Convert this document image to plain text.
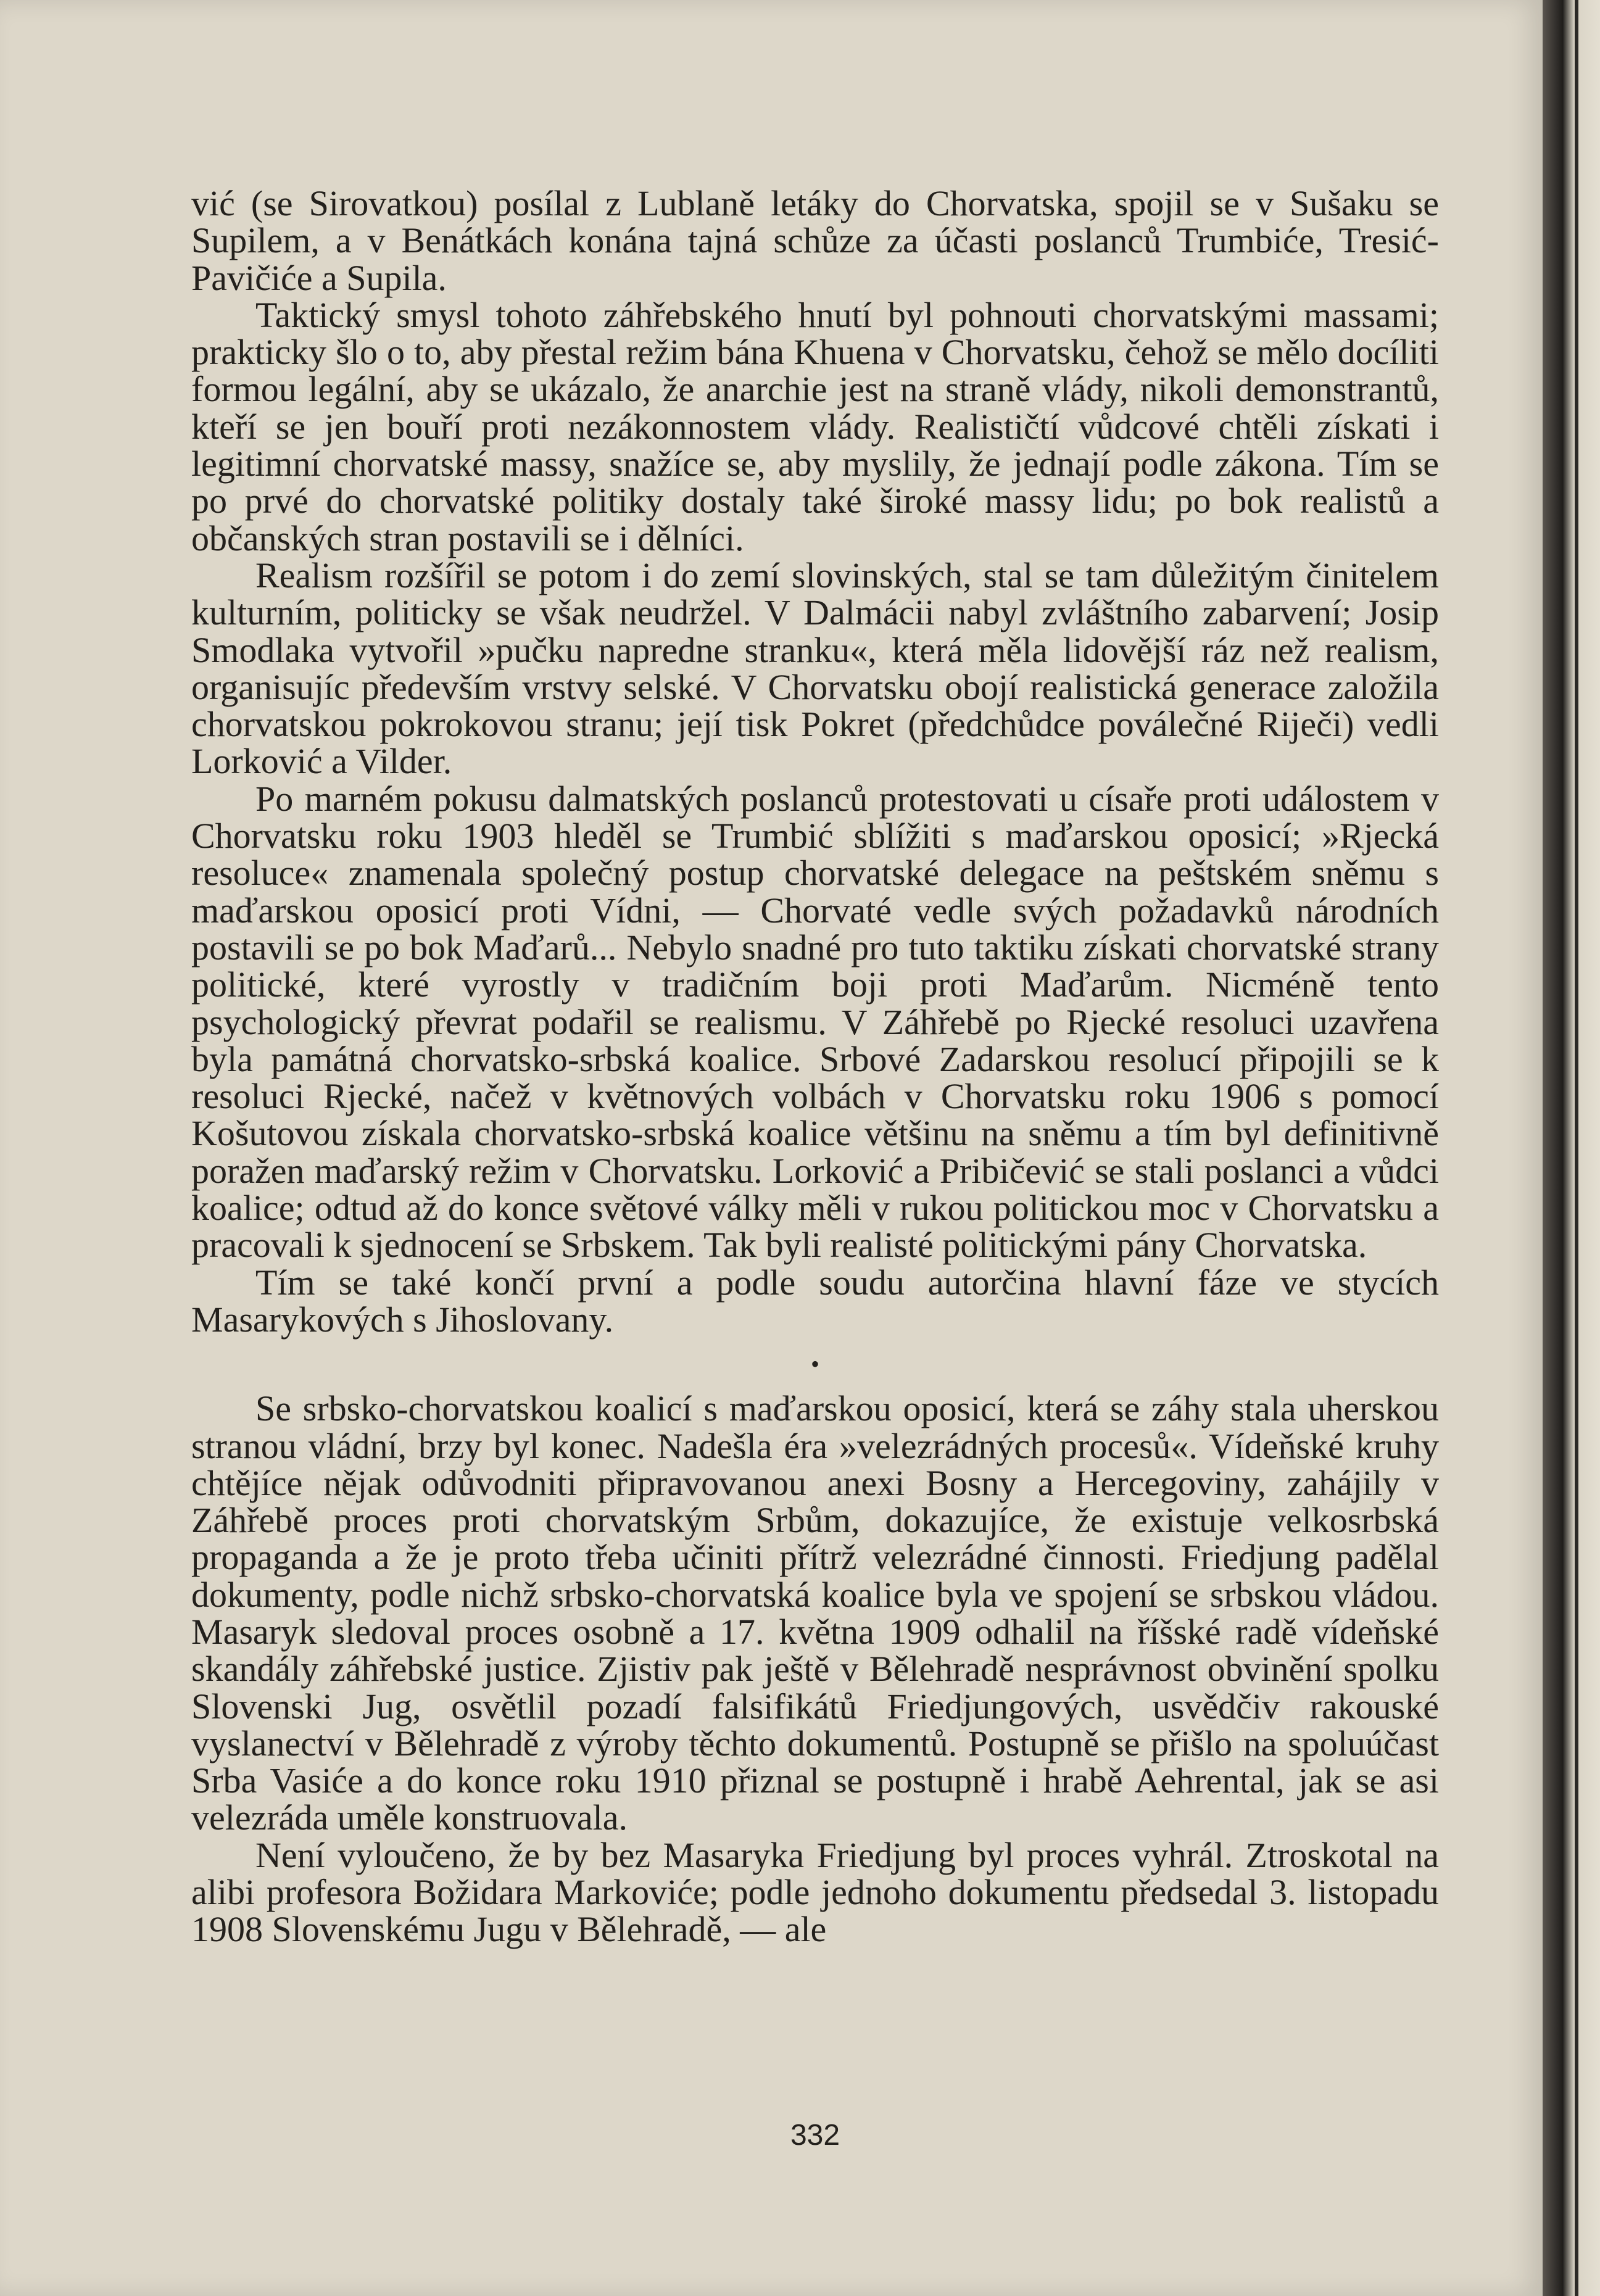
vić (se Sirovatkou) posílal z Lublaně letáky do Chorvatska, spojil se v Sušaku se Supilem, a v Benátkách konána tajná schůze za účasti poslanců Trumbiće, Tresić-Pavičiće a Supila.

Taktický smysl tohoto záhřebského hnutí byl pohnouti chorvatskými massami; prakticky šlo o to, aby přestal režim bána Khuena v Chorvatsku, čehož se mělo docíliti formou legální, aby se ukázalo, že anarchie jest na straně vlády, nikoli demonstrantů, kteří se jen bouří proti nezákonnostem vlády. Realističtí vůdcové chtěli získati i legitimní chorvatské massy, snažíce se, aby myslily, že jednají podle zákona. Tím se po prvé do chorvatské politiky dostaly také široké massy lidu; po bok realistů a občanských stran postavili se i dělníci.

Realism rozšířil se potom i do zemí slovinských, stal se tam důležitým činitelem kulturním, politicky se však neudržel. V Dalmácii nabyl zvláštního zabarvení; Josip Smodlaka vytvořil »pučku napredne stranku«, která měla lidovější ráz než realism, organisujíc především vrstvy selské. V Chorvatsku obojí realistická generace založila chorvatskou pokrokovou stranu; její tisk Pokret (předchůdce poválečné Riječi) vedli Lorković a Vilder.

Po marném pokusu dalmatských poslanců protestovati u císaře proti událostem v Chorvatsku roku 1903 hleděl se Trumbić sblížiti s maďarskou oposicí; »Rjecká resoluce« znamenala společný postup chorvatské delegace na peštském sněmu s maďarskou oposicí proti Vídni, — Chorvaté vedle svých požadavků národních postavili se po bok Maďarů... Nebylo snadné pro tuto taktiku získati chorvatské strany politické, které vyrostly v tradičním boji proti Maďarům. Nicméně tento psychologický převrat podařil se realismu. V Záhřebě po Rjecké resoluci uzavřena byla památná chorvatsko-srbská koalice. Srbové Zadarskou resolucí připojili se k resoluci Rjecké, načež v květnových volbách v Chorvatsku roku 1906 s pomocí Košutovou získala chorvatsko-srbská koalice většinu na sněmu a tím byl definitivně poražen maďarský režim v Chorvatsku. Lorković a Pribičević se stali poslanci a vůdci koalice; odtud až do konce světové války měli v rukou politickou moc v Chorvatsku a pracovali k sjednocení se Srbskem. Tak byli realisté politickými pány Chorvatska.

Tím se také končí první a podle soudu autorčina hlavní fáze ve stycích Masarykových s Jihoslovany.

•

Se srbsko-chorvatskou koalicí s maďarskou oposicí, která se záhy stala uherskou stranou vládní, brzy byl konec. Nadešla éra »velezrádných procesů«. Vídeňské kruhy chtějíce nějak odůvodniti připravovanou anexi Bosny a Hercegoviny, zahájily v Záhřebě proces proti chorvatským Srbům, dokazujíce, že existuje velkosrbská propaganda a že je proto třeba učiniti přítrž velezrádné činnosti. Friedjung padělal dokumenty, podle nichž srbsko-chorvatská koalice byla ve spojení se srbskou vládou. Masaryk sledoval proces osobně a 17. května 1909 odhalil na říšské radě vídeňské skandály záhřebské justice. Zjistiv pak ještě v Bělehradě nesprávnost obvinění spolku Slovenski Jug, osvětlil pozadí falsifikátů Friedjungových, usvědčiv rakouské vyslanectví v Bělehradě z výroby těchto dokumentů. Postupně se přišlo na spoluúčast Srba Vasiće a do konce roku 1910 přiznal se postupně i hrabě Aehrental, jak se asi velezráda uměle konstruovala.

Není vyloučeno, že by bez Masaryka Friedjung byl proces vyhrál. Ztroskotal na alibi profesora Božidara Markoviće; podle jednoho dokumentu předsedal 3. listopadu 1908 Slovenskému Jugu v Bělehradě, — ale

332
